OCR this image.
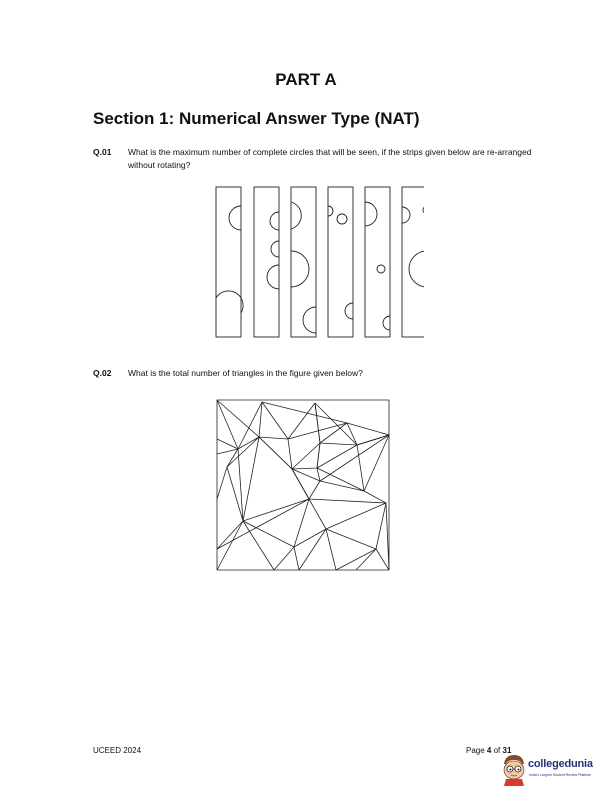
PART A
Section 1: Numerical Answer Type (NAT)
Q.01 What is the maximum number of complete circles that will be seen, if the strips given below are re-arranged without rotating?
Q.02 What is the total number of triangles in the figure given below?
UCEED 2024	Page 4 of 31
collegedunia
India's Largest Student Review Platform
